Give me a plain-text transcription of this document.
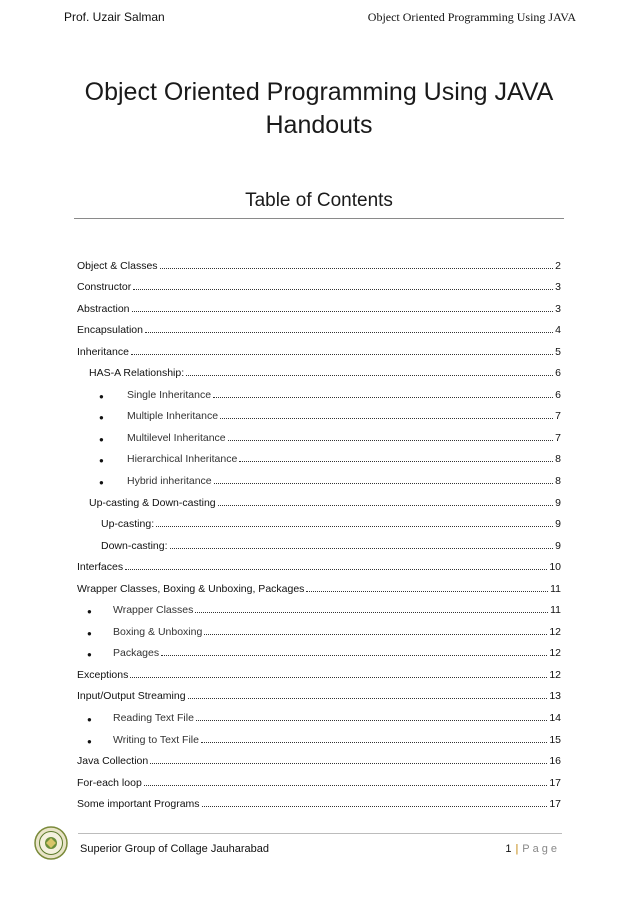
Prof. Uzair Salman	Object Oriented Programming Using JAVA
Object Oriented Programming Using JAVA
Handouts
Table of Contents
Object & Classes	2
Constructor	3
Abstraction	3
Encapsulation	4
Inheritance	5
HAS-A Relationship:	6
●	Single Inheritance	6
●	Multiple Inheritance	7
●	Multilevel Inheritance	7
●	Hierarchical Inheritance	8
●	Hybrid inheritance	8
Up-casting & Down-casting	9
Up-casting:	9
Down-casting:	9
Interfaces	10
Wrapper Classes, Boxing & Unboxing, Packages	11
●	Wrapper Classes	11
●	Boxing & Unboxing	12
●	Packages	12
Exceptions	12
Input/Output Streaming	13
●	Reading Text File	14
●	Writing to Text File	15
Java Collection	16
For-each loop	17
Some important Programs	17
Superior Group of Collage Jauharabad	1 | Page
